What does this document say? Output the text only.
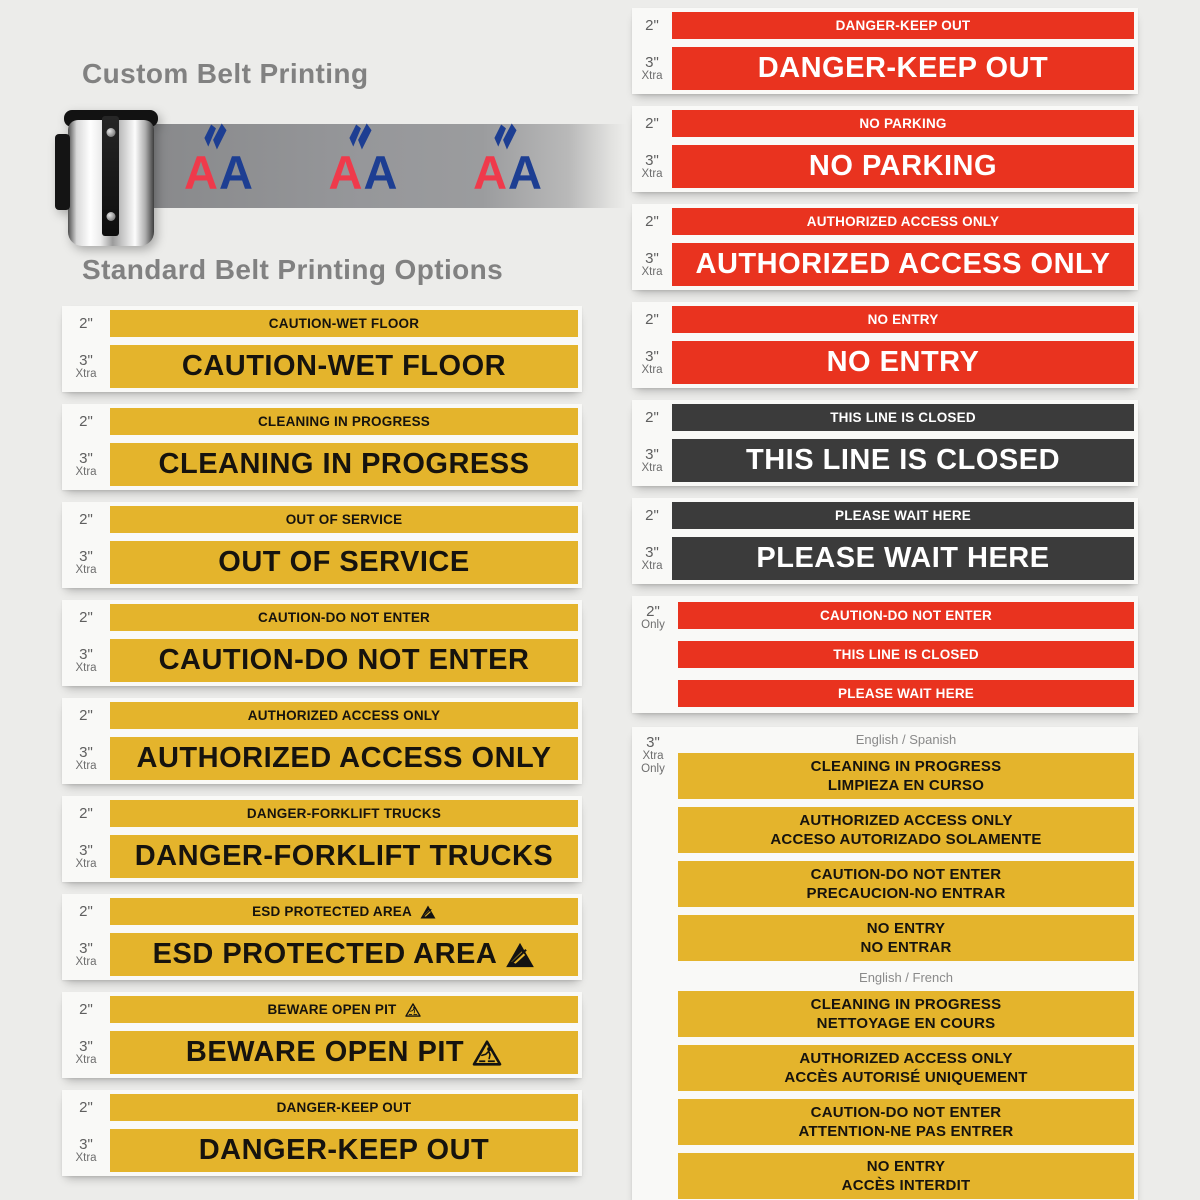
Custom Belt Printing
A A A A A A
Standard Belt Printing Options
2"	CAUTION-WET FLOOR
3"
Xtra	CAUTION-WET FLOOR
2"	CLEANING IN PROGRESS
3"
Xtra	CLEANING IN PROGRESS
2"	OUT OF SERVICE
3"
Xtra	OUT OF SERVICE
2"	CAUTION-DO NOT ENTER
3"
Xtra	CAUTION-DO NOT ENTER
2"	AUTHORIZED ACCESS ONLY
3"
Xtra	AUTHORIZED ACCESS ONLY
2"	DANGER-FORKLIFT TRUCKS
3"
Xtra	DANGER-FORKLIFT TRUCKS
2"	ESD PROTECTED AREA
3"
Xtra	ESD PROTECTED AREA
2"	BEWARE OPEN PIT
3"
Xtra	BEWARE OPEN PIT
2"	DANGER-KEEP OUT
3"
Xtra	DANGER-KEEP OUT
2"	DANGER-KEEP OUT
3"
Xtra	DANGER-KEEP OUT
2"	NO PARKING
3"
Xtra	NO PARKING
2"	AUTHORIZED ACCESS ONLY
3"
Xtra	AUTHORIZED ACCESS ONLY
2"	NO ENTRY
3"
Xtra	NO ENTRY
2"	THIS LINE IS CLOSED
3"
Xtra	THIS LINE IS CLOSED
2"	PLEASE WAIT HERE
3"
Xtra	PLEASE WAIT HERE
2"
Only
CAUTION-DO NOT ENTER
THIS LINE IS CLOSED
PLEASE WAIT HERE
3"
Xtra
Only
English / Spanish
CLEANING IN PROGRESS
LIMPIEZA EN CURSO
AUTHORIZED ACCESS ONLY
ACCESO AUTORIZADO SOLAMENTE
CAUTION-DO NOT ENTER
PRECAUCION-NO ENTRAR
NO ENTRY
NO ENTRAR
English / French
CLEANING IN PROGRESS
NETTOYAGE EN COURS
AUTHORIZED ACCESS ONLY
ACCÈS AUTORISÉ UNIQUEMENT
CAUTION-DO NOT ENTER
ATTENTION-NE PAS ENTRER
NO ENTRY
ACCÈS INTERDIT
